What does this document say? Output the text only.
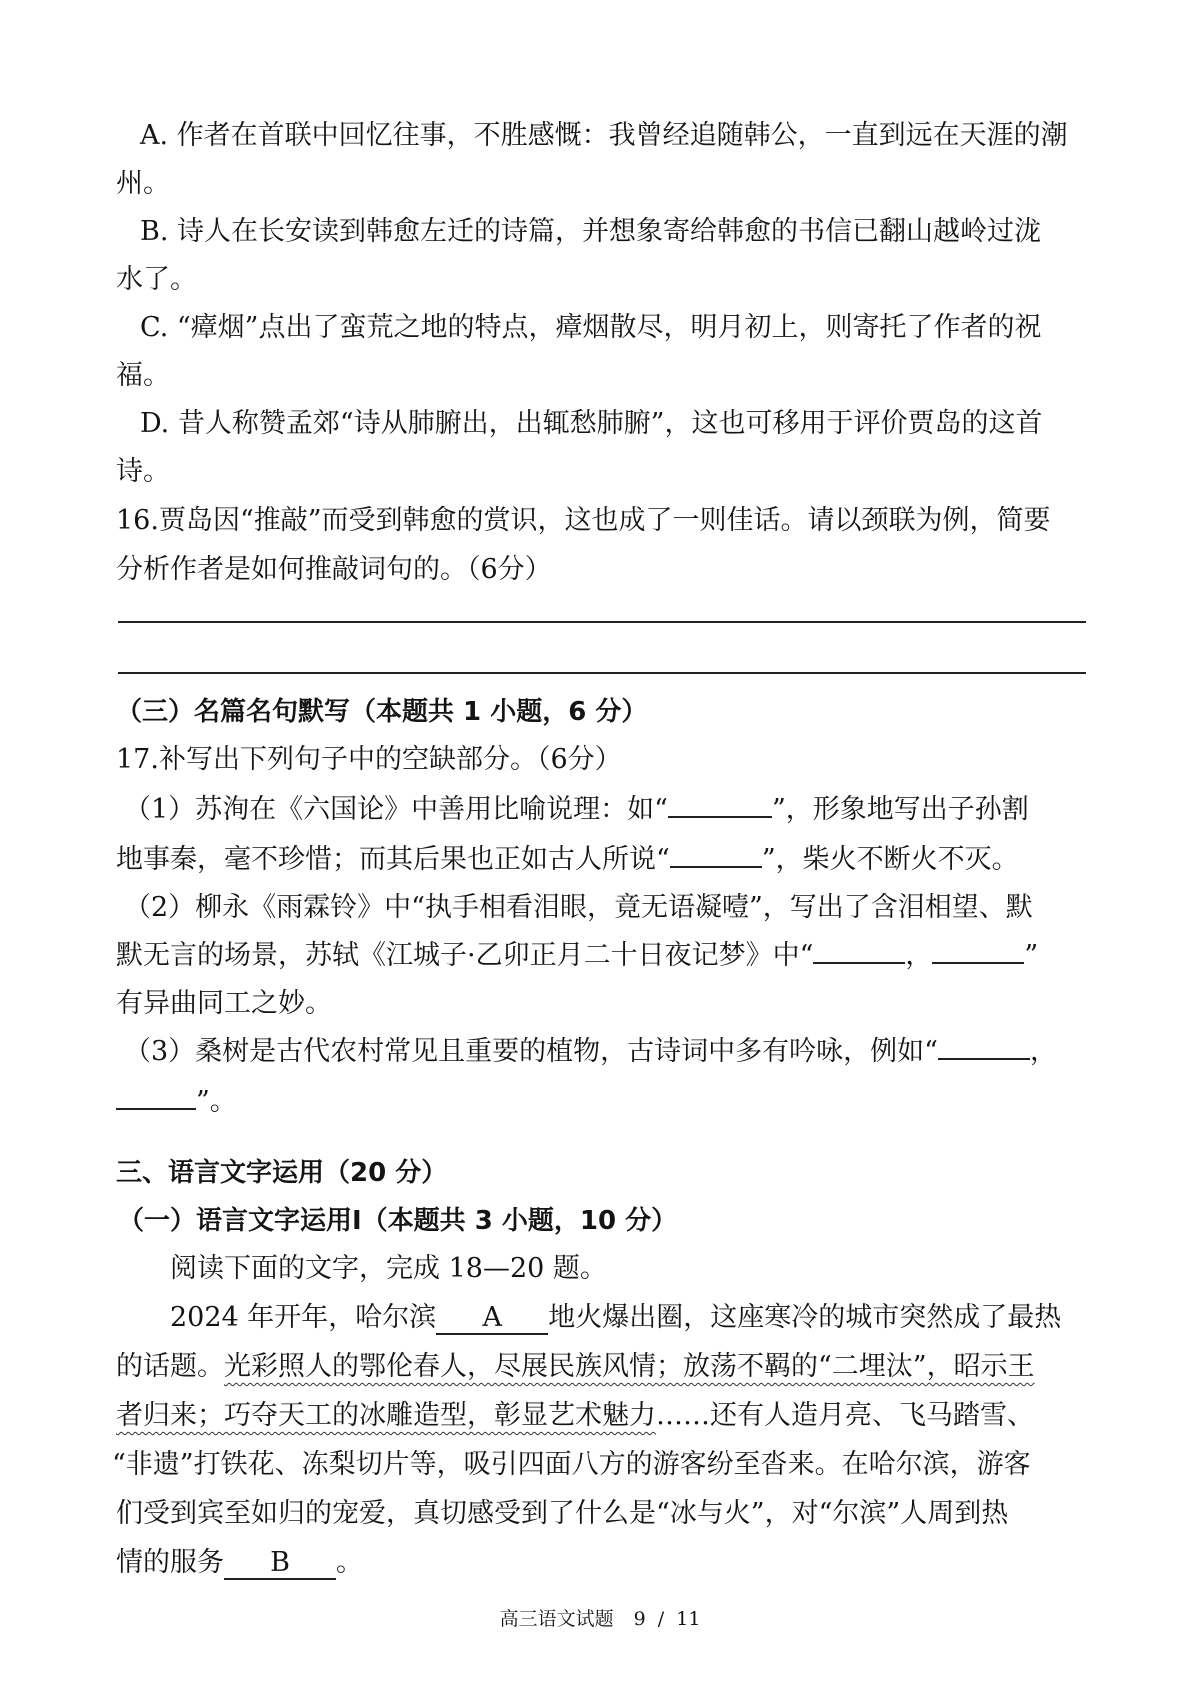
A. 作者在首联中回忆往事，不胜感慨：我曾经追随韩公，一直到远在天涯的潮
州。
B. 诗人在长安读到韩愈左迁的诗篇，并想象寄给韩愈的书信已翻山越岭过泷
水了。
C. “瘴烟”点出了蛮荒之地的特点，瘴烟散尽，明月初上，则寄托了作者的祝
福。
D. 昔人称赞孟郊“诗从肺腑出，出辄愁肺腑”，这也可移用于评价贾岛的这首
诗。
16.贾岛因“推敲”而受到韩愈的赏识，这也成了一则佳话。请以颈联为例，简要
分析作者是如何推敲词句的。（6分）
（三）名篇名句默写（本题共 1 小题，6 分）
17.补写出下列句子中的空缺部分。（6分）
（1）苏洵在《六国论》中善用比喻说理：如“	”，形象地写出子孙割
地事秦，毫不珍惜；而其后果也正如古人所说“	”，柴火不断火不灭。
（2）柳永《雨霖铃》中“执手相看泪眼，竟无语凝噎”，写出了含泪相望、默
默无言的场景，苏轼《江城子·乙卯正月二十日夜记梦》中“	，	”
有异曲同工之妙。
（3）桑树是古代农村常见且重要的植物，古诗词中多有吟咏，例如“	，
”。
三、语言文字运用（20 分）
（一）语言文字运用Ⅰ（本题共 3 小题，10 分）
阅读下面的文字，完成 18—20 题。
2024 年开年，哈尔滨 A 地火爆出圈，这座寒冷的城市突然成了最热
的话题。光彩照人的鄂伦春人，尽展民族风情；放荡不羁的“二埋汰”，昭示王
者归来；巧夺天工的冰雕造型，彰显艺术魅力……还有人造月亮、飞马踏雪、
“非遗”打铁花、冻梨切片等，吸引四面八方的游客纷至沓来。在哈尔滨，游客
们受到宾至如归的宠爱，真切感受到了什么是“冰与火”，对“尔滨”人周到热
情的服务 B 。
高三语文试题 9 / 11
